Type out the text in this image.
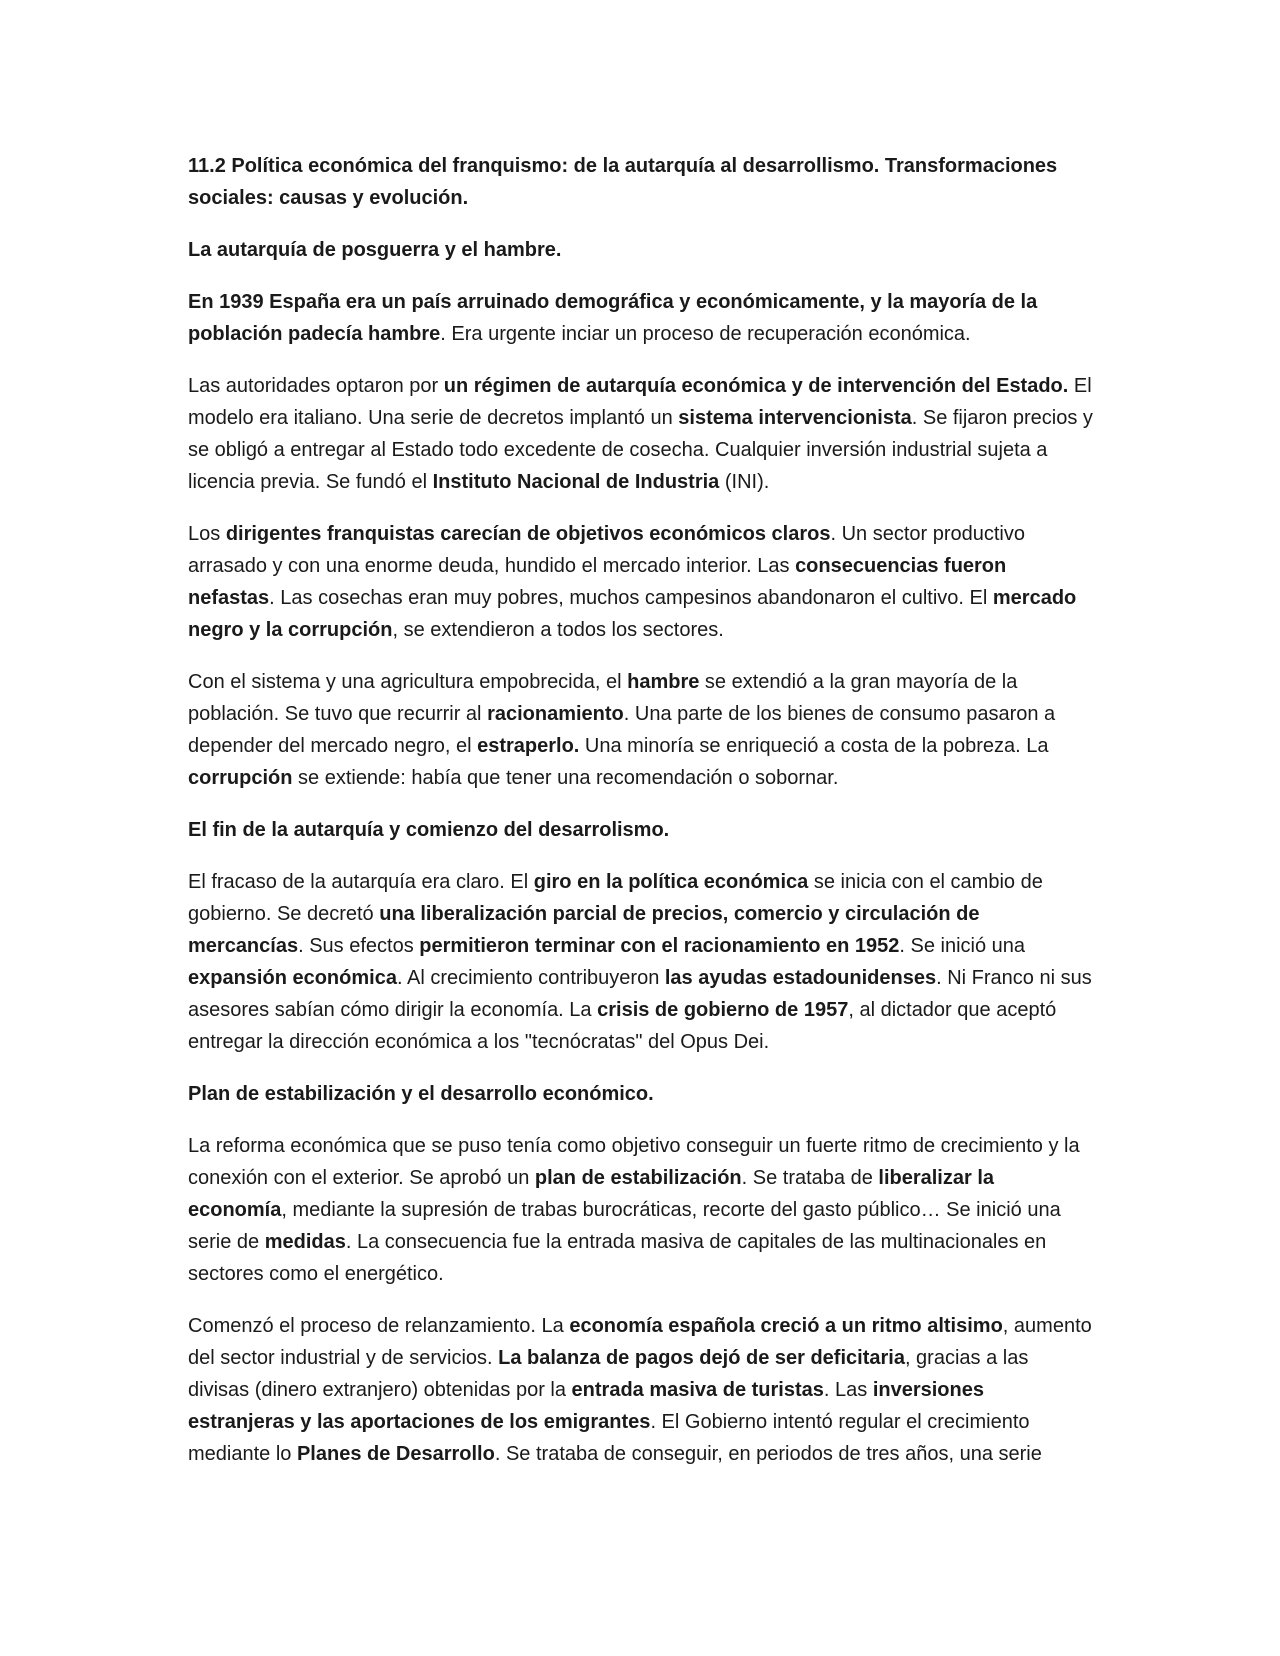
11.2 Política económica del franquismo: de la autarquía al desarrollismo. Transformaciones sociales: causas y evolución.

La autarquía de posguerra y el hambre.

En 1939 España era un país arruinado demográfica y económicamente, y la mayoría de la población padecía hambre. Era urgente inciar un proceso de recuperación económica.

Las autoridades optaron por un régimen de autarquía económica y de intervención del Estado. El modelo era italiano. Una serie de decretos implantó un sistema intervencionista. Se fijaron precios y se obligó a entregar al Estado todo excedente de cosecha. Cualquier inversión industrial sujeta a licencia previa. Se fundó el Instituto Nacional de Industria (INI).

Los dirigentes franquistas carecían de objetivos económicos claros. Un sector productivo arrasado y con una enorme deuda, hundido el mercado interior. Las consecuencias fueron nefastas. Las cosechas eran muy pobres, muchos campesinos abandonaron el cultivo. El mercado negro y la corrupción, se extendieron a todos los sectores.

Con el sistema y una agricultura empobrecida, el hambre se extendió a la gran mayoría de la población. Se tuvo que recurrir al racionamiento. Una parte de los bienes de consumo pasaron a depender del mercado negro, el estraperlo. Una minoría se enriqueció a costa de la pobreza. La corrupción se extiende: había que tener una recomendación o sobornar.

El fin de la autarquía y comienzo del desarrolismo.

El fracaso de la autarquía era claro. El giro en la política económica se inicia con el cambio de gobierno. Se decretó una liberalización parcial de precios, comercio y circulación de mercancías. Sus efectos permitieron terminar con el racionamiento en 1952. Se inició una expansión económica. Al crecimiento contribuyeron las ayudas estadounidenses. Ni Franco ni sus asesores sabían cómo dirigir la economía. La crisis de gobierno de 1957, al dictador que aceptó entregar la dirección económica a los "tecnócratas" del Opus Dei.

Plan de estabilización y el desarrollo económico.

La reforma económica que se puso tenía como objetivo conseguir un fuerte ritmo de crecimiento y la conexión con el exterior. Se aprobó un plan de estabilización. Se trataba de liberalizar la economía, mediante la supresión de trabas burocráticas, recorte del gasto público… Se inició una serie de medidas. La consecuencia fue la entrada masiva de capitales de las multinacionales en sectores como el energético.

Comenzó el proceso de relanzamiento. La economía española creció a un ritmo altisimo, aumento del sector industrial y de servicios. La balanza de pagos dejó de ser deficitaria, gracias a las divisas (dinero extranjero) obtenidas por la entrada masiva de turistas. Las inversiones estranjeras y las aportaciones de los emigrantes. El Gobierno intentó regular el crecimiento mediante lo Planes de Desarrollo. Se trataba de conseguir, en periodos de tres años, una serie
